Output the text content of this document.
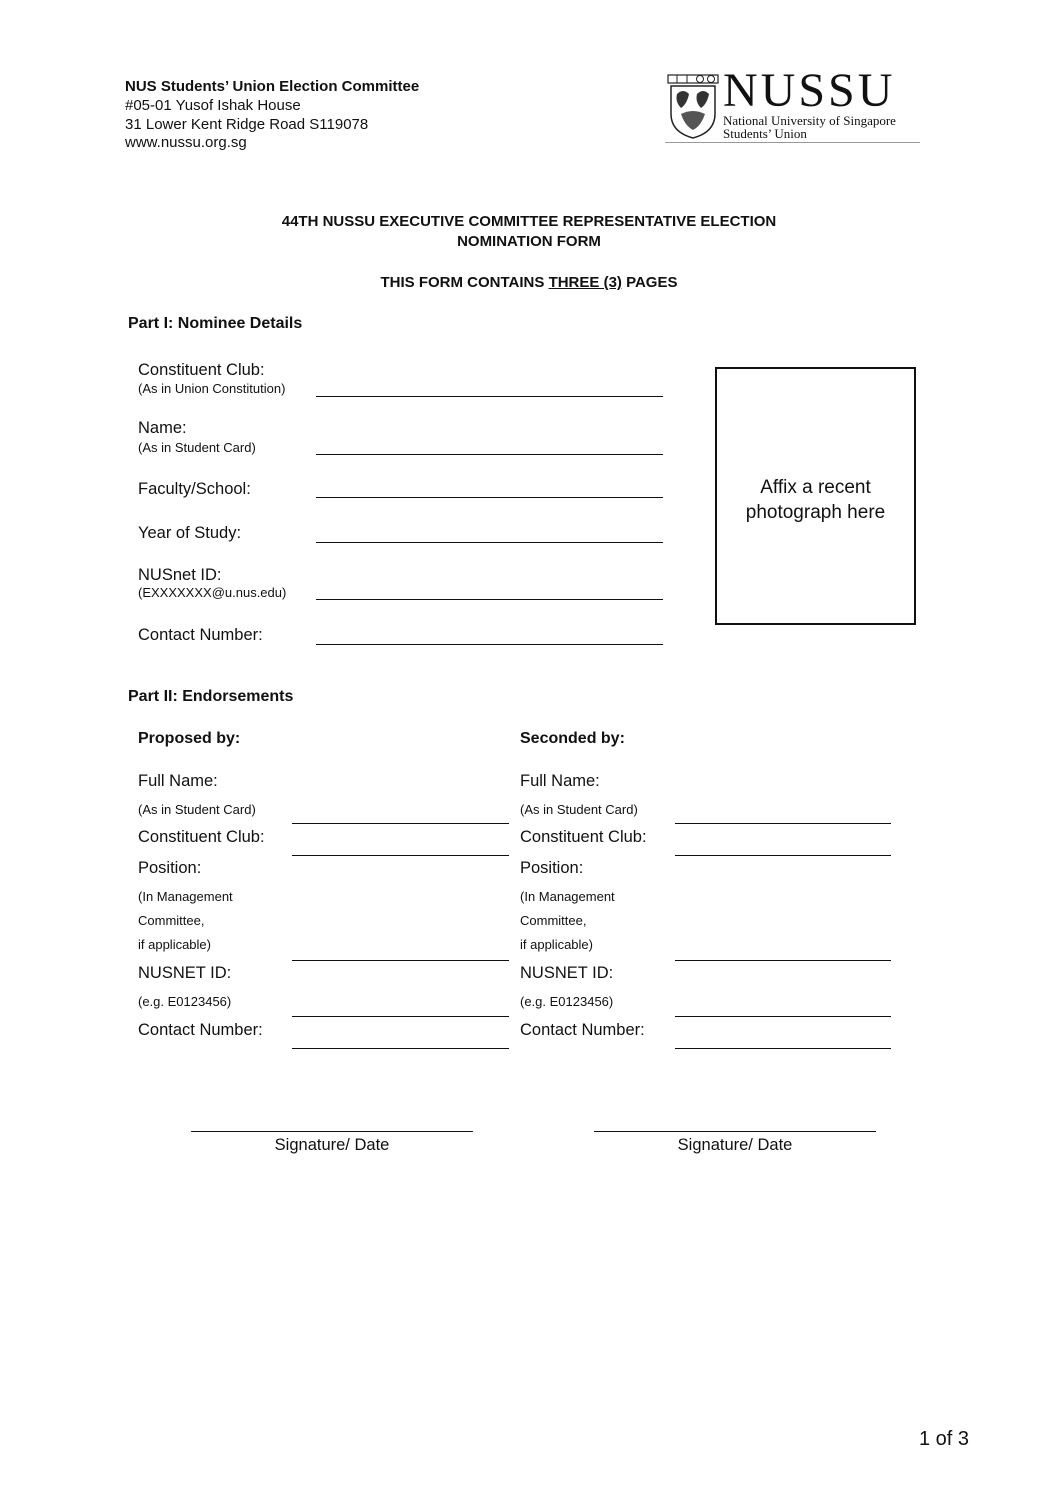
NUS Students’ Union Election Committee
#05-01 Yusof Ishak House
31 Lower Kent Ridge Road S119078
www.nussu.org.sg
NUSSU
National University of Singapore
Students’ Union
44TH NUSSU EXECUTIVE COMMITTEE REPRESENTATIVE ELECTION
NOMINATION FORM
THIS FORM CONTAINS THREE (3) PAGES
Part I: Nominee Details
Constituent Club:
(As in Union Constitution)
Name:
(As in Student Card)
Faculty/School:
Year of Study:
NUSnet ID:
(EXXXXXXX@u.nus.edu)
Contact Number:
Affix a recent photograph here
Part II: Endorsements
Proposed by:
Full Name:
(As in Student Card)
Constituent Club:
Position:
(In Management
Committee,
if applicable)
NUSNET ID:
(e.g. E0123456)
Contact Number:
Seconded by:
Full Name:
(As in Student Card)
Constituent Club:
Position:
(In Management
Committee,
if applicable)
NUSNET ID:
(e.g. E0123456)
Contact Number:
Signature/ Date	Signature/ Date
1 of 3
